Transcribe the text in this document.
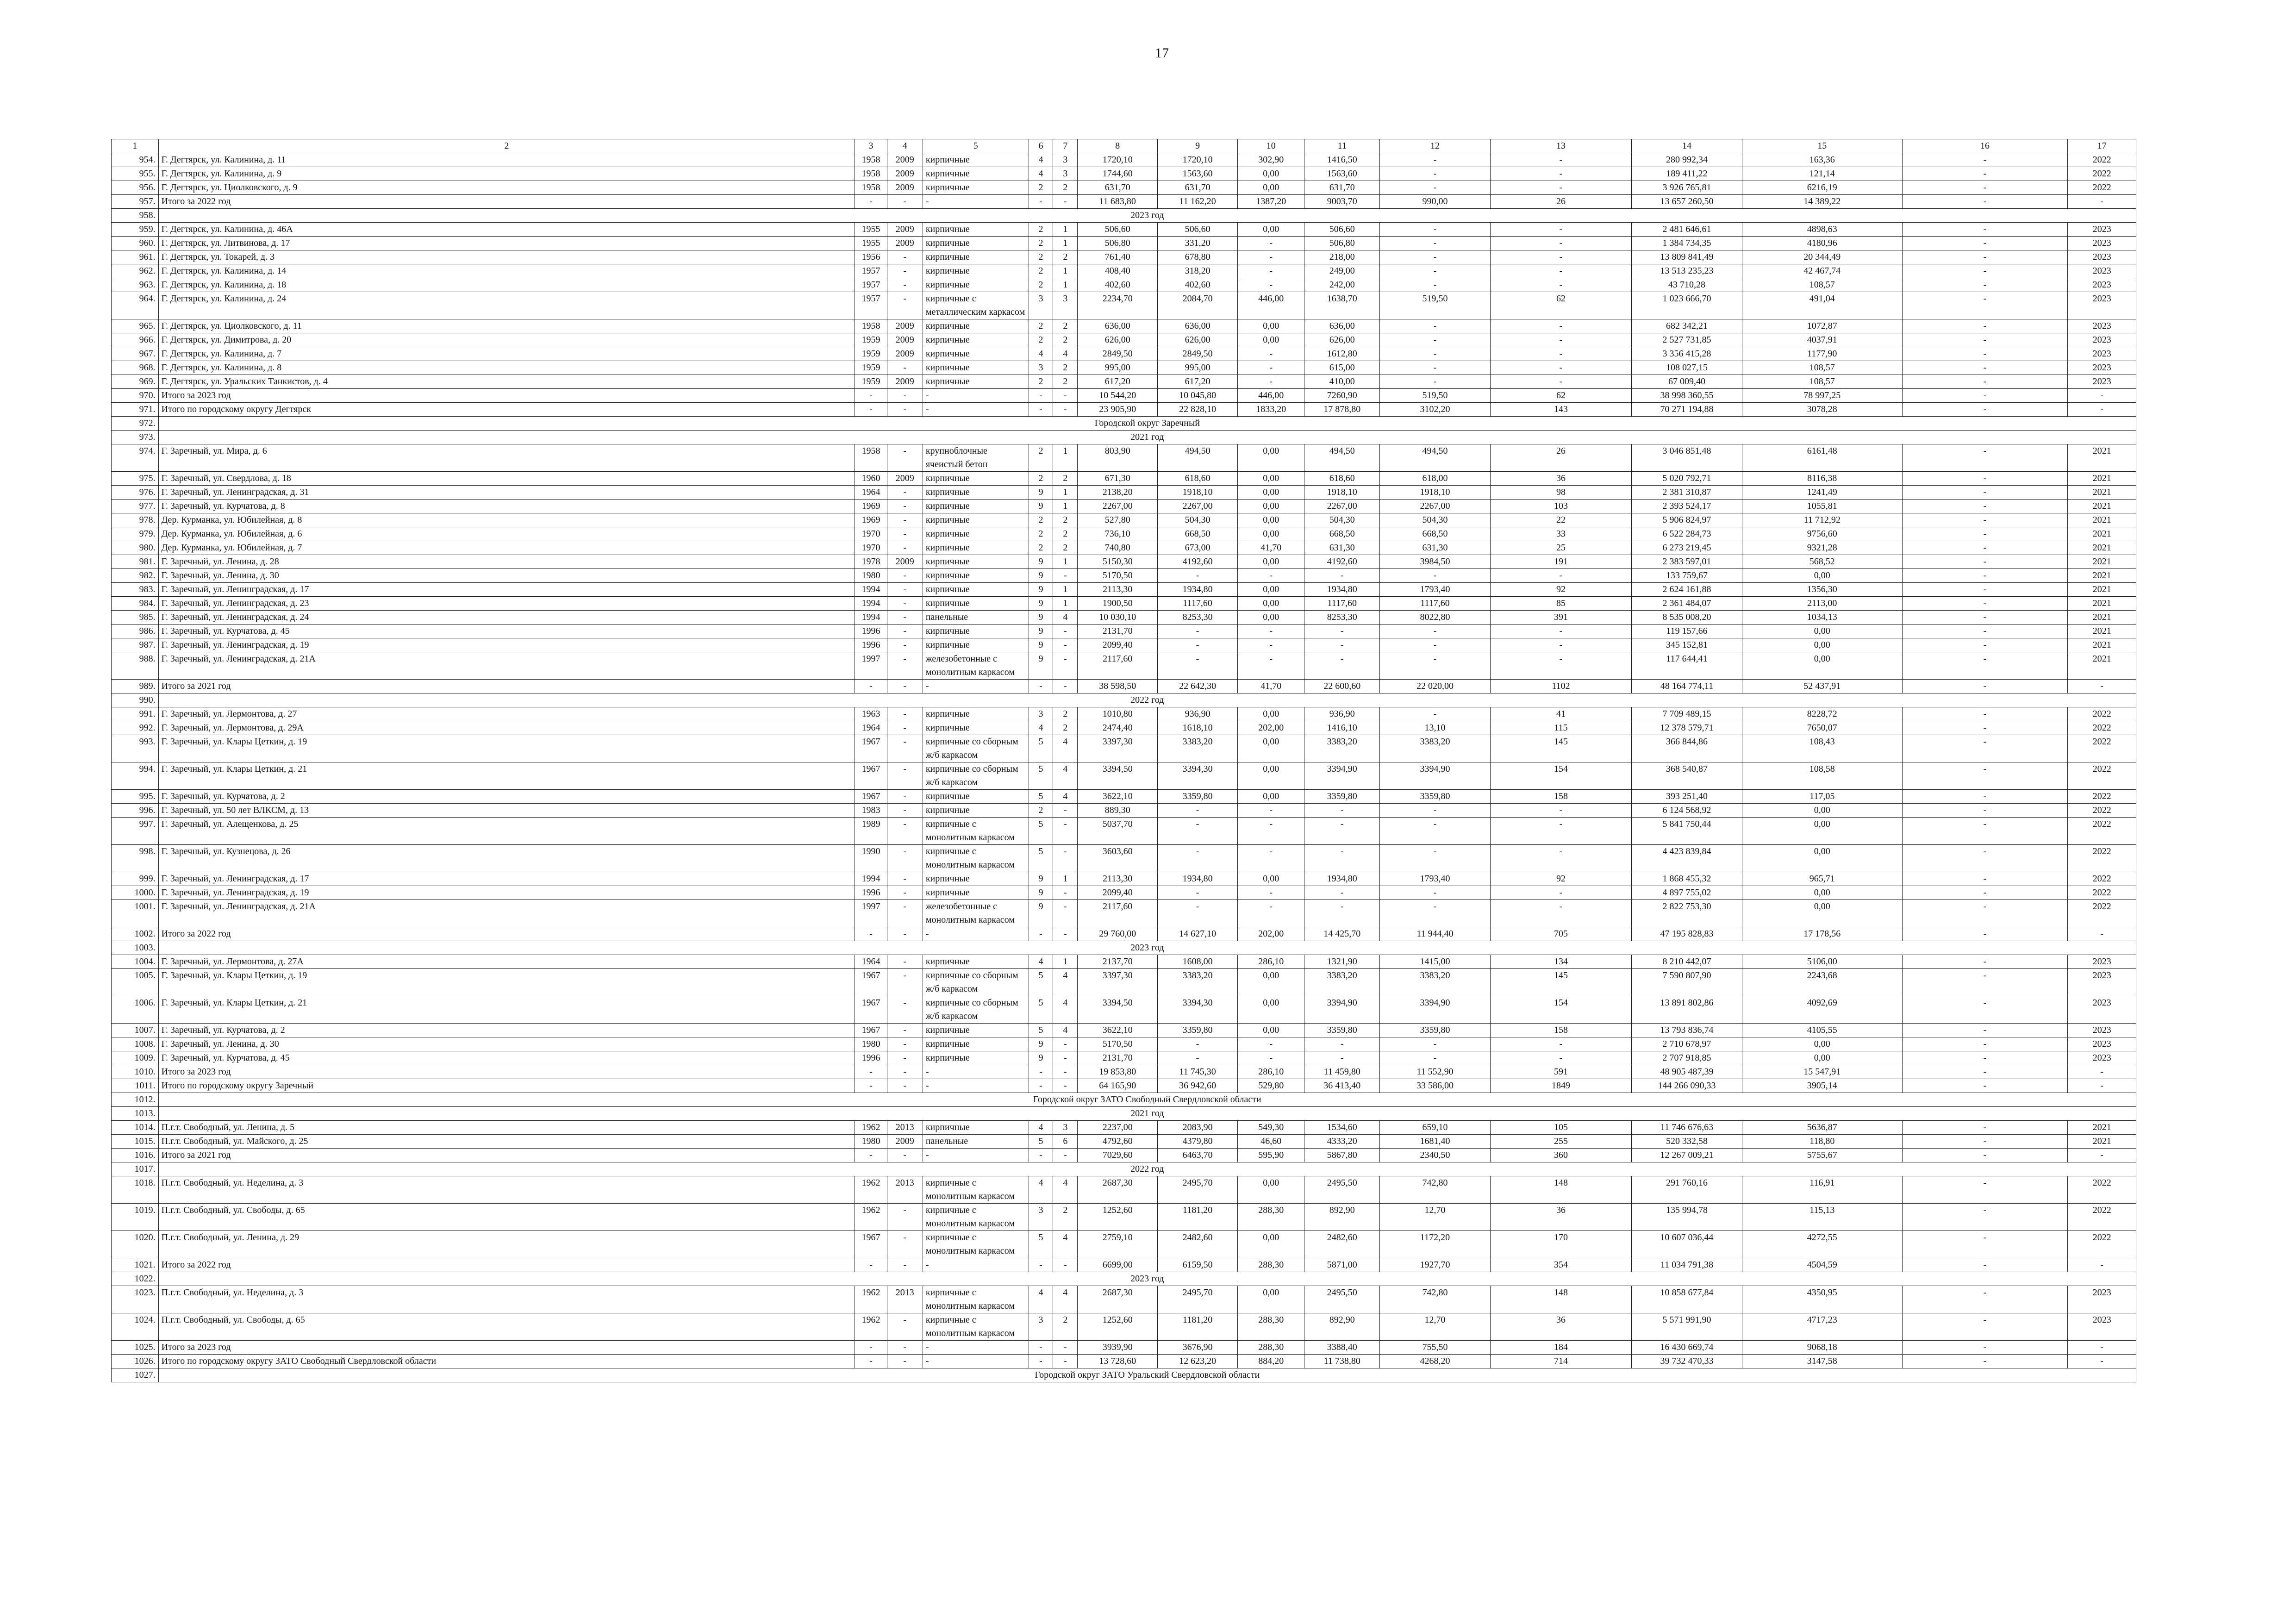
17
1	2	3	4	5	6	7	8	9	10	11	12	13	14	15	16	17
954.	Г. Дегтярск, ул. Калинина, д. 11	1958	2009	кирпичные	4	3	1720,10	1720,10	302,90	1416,50	-	-	280 992,34	163,36	-	2022
955.	Г. Дегтярск, ул. Калинина, д. 9	1958	2009	кирпичные	4	3	1744,60	1563,60	0,00	1563,60	-	-	189 411,22	121,14	-	2022
956.	Г. Дегтярск, ул. Циолковского, д. 9	1958	2009	кирпичные	2	2	631,70	631,70	0,00	631,70	-	-	3 926 765,81	6216,19	-	2022
957.	Итого за 2022 год	-	-	-	-	-	11 683,80	11 162,20	1387,20	9003,70	990,00	26	13 657 260,50	14 389,22	-	-
958.	2023 год															
959.	Г. Дегтярск, ул. Калинина, д. 46А	1955	2009	кирпичные	2	1	506,60	506,60	0,00	506,60	-	-	2 481 646,61	4898,63	-	2023
960.	Г. Дегтярск, ул. Литвинова, д. 17	1955	2009	кирпичные	2	1	506,80	331,20	-	506,80	-	-	1 384 734,35	4180,96	-	2023
961.	Г. Дегтярск, ул. Токарей, д. 3	1956	-	кирпичные	2	2	761,40	678,80	-	218,00	-	-	13 809 841,49	20 344,49	-	2023
962.	Г. Дегтярск, ул. Калинина, д. 14	1957	-	кирпичные	2	1	408,40	318,20	-	249,00	-	-	13 513 235,23	42 467,74	-	2023
963.	Г. Дегтярск, ул. Калинина, д. 18	1957	-	кирпичные	2	1	402,60	402,60	-	242,00	-	-	43 710,28	108,57	-	2023
964.	Г. Дегтярск, ул. Калинина, д. 24	1957	-	кирпичные с металлическим каркасом	3	3	2234,70	2084,70	446,00	1638,70	519,50	62	1 023 666,70	491,04	-	2023
965.	Г. Дегтярск, ул. Циолковского, д. 11	1958	2009	кирпичные	2	2	636,00	636,00	0,00	636,00	-	-	682 342,21	1072,87	-	2023
966.	Г. Дегтярск, ул. Димитрова, д. 20	1959	2009	кирпичные	2	2	626,00	626,00	0,00	626,00	-	-	2 527 731,85	4037,91	-	2023
967.	Г. Дегтярск, ул. Калинина, д. 7	1959	2009	кирпичные	4	4	2849,50	2849,50	-	1612,80	-	-	3 356 415,28	1177,90	-	2023
968.	Г. Дегтярск, ул. Калинина, д. 8	1959	-	кирпичные	3	2	995,00	995,00	-	615,00	-	-	108 027,15	108,57	-	2023
969.	Г. Дегтярск, ул. Уральских Танкистов, д. 4	1959	2009	кирпичные	2	2	617,20	617,20	-	410,00	-	-	67 009,40	108,57	-	2023
970.	Итого за 2023 год	-	-	-	-	-	10 544,20	10 045,80	446,00	7260,90	519,50	62	38 998 360,55	78 997,25	-	-
971.	Итого по городскому округу Дегтярск	-	-	-	-	-	23 905,90	22 828,10	1833,20	17 878,80	3102,20	143	70 271 194,88	3078,28	-	-
972.	Городской округ Заречный															
973.	2021 год															
974.	Г. Заречный, ул. Мира, д. 6	1958	-	крупноблочные ячеистый бетон	2	1	803,90	494,50	0,00	494,50	494,50	26	3 046 851,48	6161,48	-	2021
975.	Г. Заречный, ул. Свердлова, д. 18	1960	2009	кирпичные	2	2	671,30	618,60	0,00	618,60	618,00	36	5 020 792,71	8116,38	-	2021
976.	Г. Заречный, ул. Ленинградская, д. 31	1964	-	кирпичные	9	1	2138,20	1918,10	0,00	1918,10	1918,10	98	2 381 310,87	1241,49	-	2021
977.	Г. Заречный, ул. Курчатова, д. 8	1969	-	кирпичные	9	1	2267,00	2267,00	0,00	2267,00	2267,00	103	2 393 524,17	1055,81	-	2021
978.	Дер. Курманка, ул. Юбилейная, д. 8	1969	-	кирпичные	2	2	527,80	504,30	0,00	504,30	504,30	22	5 906 824,97	11 712,92	-	2021
979.	Дер. Курманка, ул. Юбилейная, д. 6	1970	-	кирпичные	2	2	736,10	668,50	0,00	668,50	668,50	33	6 522 284,73	9756,60	-	2021
980.	Дер. Курманка, ул. Юбилейная, д. 7	1970	-	кирпичные	2	2	740,80	673,00	41,70	631,30	631,30	25	6 273 219,45	9321,28	-	2021
981.	Г. Заречный, ул. Ленина, д. 28	1978	2009	кирпичные	9	1	5150,30	4192,60	0,00	4192,60	3984,50	191	2 383 597,01	568,52	-	2021
982.	Г. Заречный, ул. Ленина, д. 30	1980	-	кирпичные	9	-	5170,50	-	-	-	-	-	133 759,67	0,00	-	2021
983.	Г. Заречный, ул. Ленинградская, д. 17	1994	-	кирпичные	9	1	2113,30	1934,80	0,00	1934,80	1793,40	92	2 624 161,88	1356,30	-	2021
984.	Г. Заречный, ул. Ленинградская, д. 23	1994	-	кирпичные	9	1	1900,50	1117,60	0,00	1117,60	1117,60	85	2 361 484,07	2113,00	-	2021
985.	Г. Заречный, ул. Ленинградская, д. 24	1994	-	панельные	9	4	10 030,10	8253,30	0,00	8253,30	8022,80	391	8 535 008,20	1034,13	-	2021
986.	Г. Заречный, ул. Курчатова, д. 45	1996	-	кирпичные	9	-	2131,70	-	-	-	-	-	119 157,66	0,00	-	2021
987.	Г. Заречный, ул. Ленинградская, д. 19	1996	-	кирпичные	9	-	2099,40	-	-	-	-	-	345 152,81	0,00	-	2021
988.	Г. Заречный, ул. Ленинградская, д. 21А	1997	-	железобетонные с монолитным каркасом	9	-	2117,60	-	-	-	-	-	117 644,41	0,00	-	2021
989.	Итого за 2021 год	-	-	-	-	-	38 598,50	22 642,30	41,70	22 600,60	22 020,00	1102	48 164 774,11	52 437,91	-	-
990.	2022 год															
991.	Г. Заречный, ул. Лермонтова, д. 27	1963	-	кирпичные	3	2	1010,80	936,90	0,00	936,90	-	41	7 709 489,15	8228,72	-	2022
992.	Г. Заречный, ул. Лермонтова, д. 29А	1964	-	кирпичные	4	2	2474,40	1618,10	202,00	1416,10	13,10	115	12 378 579,71	7650,07	-	2022
993.	Г. Заречный, ул. Клары Цеткин, д. 19	1967	-	кирпичные со сборным ж/б каркасом	5	4	3397,30	3383,20	0,00	3383,20	3383,20	145	366 844,86	108,43	-	2022
994.	Г. Заречный, ул. Клары Цеткин, д. 21	1967	-	кирпичные со сборным ж/б каркасом	5	4	3394,50	3394,30	0,00	3394,90	3394,90	154	368 540,87	108,58	-	2022
995.	Г. Заречный, ул. Курчатова, д. 2	1967	-	кирпичные	5	4	3622,10	3359,80	0,00	3359,80	3359,80	158	393 251,40	117,05	-	2022
996.	Г. Заречный, ул. 50 лет ВЛКСМ, д. 13	1983	-	кирпичные	2	-	889,30	-	-	-	-	-	6 124 568,92	0,00	-	2022
997.	Г. Заречный, ул. Алещенкова, д. 25	1989	-	кирпичные с монолитным каркасом	5	-	5037,70	-	-	-	-	-	5 841 750,44	0,00	-	2022
998.	Г. Заречный, ул. Кузнецова, д. 26	1990	-	кирпичные с монолитным каркасом	5	-	3603,60	-	-	-	-	-	4 423 839,84	0,00	-	2022
999.	Г. Заречный, ул. Ленинградская, д. 17	1994	-	кирпичные	9	1	2113,30	1934,80	0,00	1934,80	1793,40	92	1 868 455,32	965,71	-	2022
1000.	Г. Заречный, ул. Ленинградская, д. 19	1996	-	кирпичные	9	-	2099,40	-	-	-	-	-	4 897 755,02	0,00	-	2022
1001.	Г. Заречный, ул. Ленинградская, д. 21А	1997	-	железобетонные с монолитным каркасом	9	-	2117,60	-	-	-	-	-	2 822 753,30	0,00	-	2022
1002.	Итого за 2022 год	-	-	-	-	-	29 760,00	14 627,10	202,00	14 425,70	11 944,40	705	47 195 828,83	17 178,56	-	-
1003.	2023 год															
1004.	Г. Заречный, ул. Лермонтова, д. 27А	1964	-	кирпичные	4	1	2137,70	1608,00	286,10	1321,90	1415,00	134	8 210 442,07	5106,00	-	2023
1005.	Г. Заречный, ул. Клары Цеткин, д. 19	1967	-	кирпичные со сборным ж/б каркасом	5	4	3397,30	3383,20	0,00	3383,20	3383,20	145	7 590 807,90	2243,68	-	2023
1006.	Г. Заречный, ул. Клары Цеткин, д. 21	1967	-	кирпичные со сборным ж/б каркасом	5	4	3394,50	3394,30	0,00	3394,90	3394,90	154	13 891 802,86	4092,69	-	2023
1007.	Г. Заречный, ул. Курчатова, д. 2	1967	-	кирпичные	5	4	3622,10	3359,80	0,00	3359,80	3359,80	158	13 793 836,74	4105,55	-	2023
1008.	Г. Заречный, ул. Ленина, д. 30	1980	-	кирпичные	9	-	5170,50	-	-	-	-	-	2 710 678,97	0,00	-	2023
1009.	Г. Заречный, ул. Курчатова, д. 45	1996	-	кирпичные	9	-	2131,70	-	-	-	-	-	2 707 918,85	0,00	-	2023
1010.	Итого за 2023 год	-	-	-	-	-	19 853,80	11 745,30	286,10	11 459,80	11 552,90	591	48 905 487,39	15 547,91	-	-
1011.	Итого по городскому округу Заречный	-	-	-	-	-	64 165,90	36 942,60	529,80	36 413,40	33 586,00	1849	144 266 090,33	3905,14	-	-
1012.	Городской округ ЗАТО Свободный Свердловской области															
1013.	2021 год															
1014.	П.г.т. Свободный, ул. Ленина, д. 5	1962	2013	кирпичные	4	3	2237,00	2083,90	549,30	1534,60	659,10	105	11 746 676,63	5636,87	-	2021
1015.	П.г.т. Свободный, ул. Майского, д. 25	1980	2009	панельные	5	6	4792,60	4379,80	46,60	4333,20	1681,40	255	520 332,58	118,80	-	2021
1016.	Итого за 2021 год	-	-	-	-	-	7029,60	6463,70	595,90	5867,80	2340,50	360	12 267 009,21	5755,67	-	-
1017.	2022 год															
1018.	П.г.т. Свободный, ул. Неделина, д. 3	1962	2013	кирпичные с монолитным каркасом	4	4	2687,30	2495,70	0,00	2495,50	742,80	148	291 760,16	116,91	-	2022
1019.	П.г.т. Свободный, ул. Свободы, д. 65	1962	-	кирпичные с монолитным каркасом	3	2	1252,60	1181,20	288,30	892,90	12,70	36	135 994,78	115,13	-	2022
1020.	П.г.т. Свободный, ул. Ленина, д. 29	1967	-	кирпичные с монолитным каркасом	5	4	2759,10	2482,60	0,00	2482,60	1172,20	170	10 607 036,44	4272,55	-	2022
1021.	Итого за 2022 год	-	-	-	-	-	6699,00	6159,50	288,30	5871,00	1927,70	354	11 034 791,38	4504,59	-	-
1022.	2023 год															
1023.	П.г.т. Свободный, ул. Неделина, д. 3	1962	2013	кирпичные с монолитным каркасом	4	4	2687,30	2495,70	0,00	2495,50	742,80	148	10 858 677,84	4350,95	-	2023
1024.	П.г.т. Свободный, ул. Свободы, д. 65	1962	-	кирпичные с монолитным каркасом	3	2	1252,60	1181,20	288,30	892,90	12,70	36	5 571 991,90	4717,23	-	2023
1025.	Итого за 2023 год	-	-	-	-	-	3939,90	3676,90	288,30	3388,40	755,50	184	16 430 669,74	9068,18	-	-
1026.	Итого по городскому округу ЗАТО Свободный Свердловской области	-	-	-	-	-	13 728,60	12 623,20	884,20	11 738,80	4268,20	714	39 732 470,33	3147,58	-	-
1027.	Городской округ ЗАТО Уральский Свердловской области															
